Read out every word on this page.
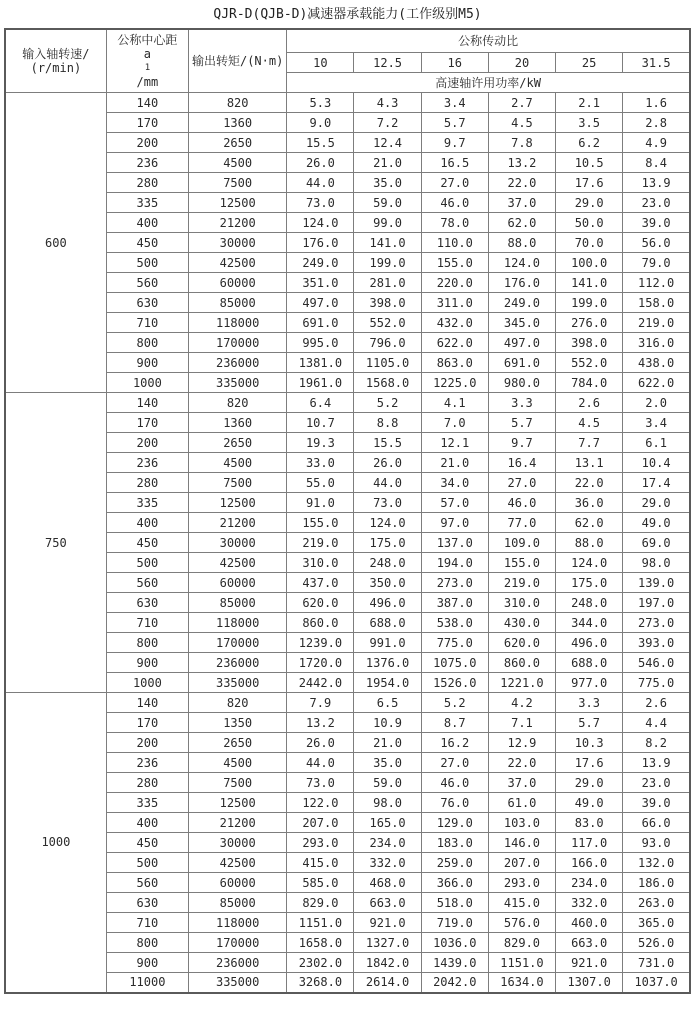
QJR-D(QJB-D)减速器承载能力(工作级别M5)
输入轴转速/
(r/min)	公称中心距
a
1
/mm	输出转矩/(N·m)	公称传动比					
			10	12.5	16	20	25	31.5
			高速轴许用功率/kW					
600	140	820	5.3	4.3	3.4	2.7	2.1	1.6
	170	1360	9.0	7.2	5.7	4.5	3.5	2.8
	200	2650	15.5	12.4	9.7	7.8	6.2	4.9
	236	4500	26.0	21.0	16.5	13.2	10.5	8.4
	280	7500	44.0	35.0	27.0	22.0	17.6	13.9
	335	12500	73.0	59.0	46.0	37.0	29.0	23.0
	400	21200	124.0	99.0	78.0	62.0	50.0	39.0
	450	30000	176.0	141.0	110.0	88.0	70.0	56.0
	500	42500	249.0	199.0	155.0	124.0	100.0	79.0
	560	60000	351.0	281.0	220.0	176.0	141.0	112.0
	630	85000	497.0	398.0	311.0	249.0	199.0	158.0
	710	118000	691.0	552.0	432.0	345.0	276.0	219.0
	800	170000	995.0	796.0	622.0	497.0	398.0	316.0
	900	236000	1381.0	1105.0	863.0	691.0	552.0	438.0
	1000	335000	1961.0	1568.0	1225.0	980.0	784.0	622.0
750	140	820	6.4	5.2	4.1	3.3	2.6	2.0
	170	1360	10.7	8.8	7.0	5.7	4.5	3.4
	200	2650	19.3	15.5	12.1	9.7	7.7	6.1
	236	4500	33.0	26.0	21.0	16.4	13.1	10.4
	280	7500	55.0	44.0	34.0	27.0	22.0	17.4
	335	12500	91.0	73.0	57.0	46.0	36.0	29.0
	400	21200	155.0	124.0	97.0	77.0	62.0	49.0
	450	30000	219.0	175.0	137.0	109.0	88.0	69.0
	500	42500	310.0	248.0	194.0	155.0	124.0	98.0
	560	60000	437.0	350.0	273.0	219.0	175.0	139.0
	630	85000	620.0	496.0	387.0	310.0	248.0	197.0
	710	118000	860.0	688.0	538.0	430.0	344.0	273.0
	800	170000	1239.0	991.0	775.0	620.0	496.0	393.0
	900	236000	1720.0	1376.0	1075.0	860.0	688.0	546.0
	1000	335000	2442.0	1954.0	1526.0	1221.0	977.0	775.0
1000	140	820	7.9	6.5	5.2	4.2	3.3	2.6
	170	1350	13.2	10.9	8.7	7.1	5.7	4.4
	200	2650	26.0	21.0	16.2	12.9	10.3	8.2
	236	4500	44.0	35.0	27.0	22.0	17.6	13.9
	280	7500	73.0	59.0	46.0	37.0	29.0	23.0
	335	12500	122.0	98.0	76.0	61.0	49.0	39.0
	400	21200	207.0	165.0	129.0	103.0	83.0	66.0
	450	30000	293.0	234.0	183.0	146.0	117.0	93.0
	500	42500	415.0	332.0	259.0	207.0	166.0	132.0
	560	60000	585.0	468.0	366.0	293.0	234.0	186.0
	630	85000	829.0	663.0	518.0	415.0	332.0	263.0
	710	118000	1151.0	921.0	719.0	576.0	460.0	365.0
	800	170000	1658.0	1327.0	1036.0	829.0	663.0	526.0
	900	236000	2302.0	1842.0	1439.0	1151.0	921.0	731.0
	11000	335000	3268.0	2614.0	2042.0	1634.0	1307.0	1037.0
